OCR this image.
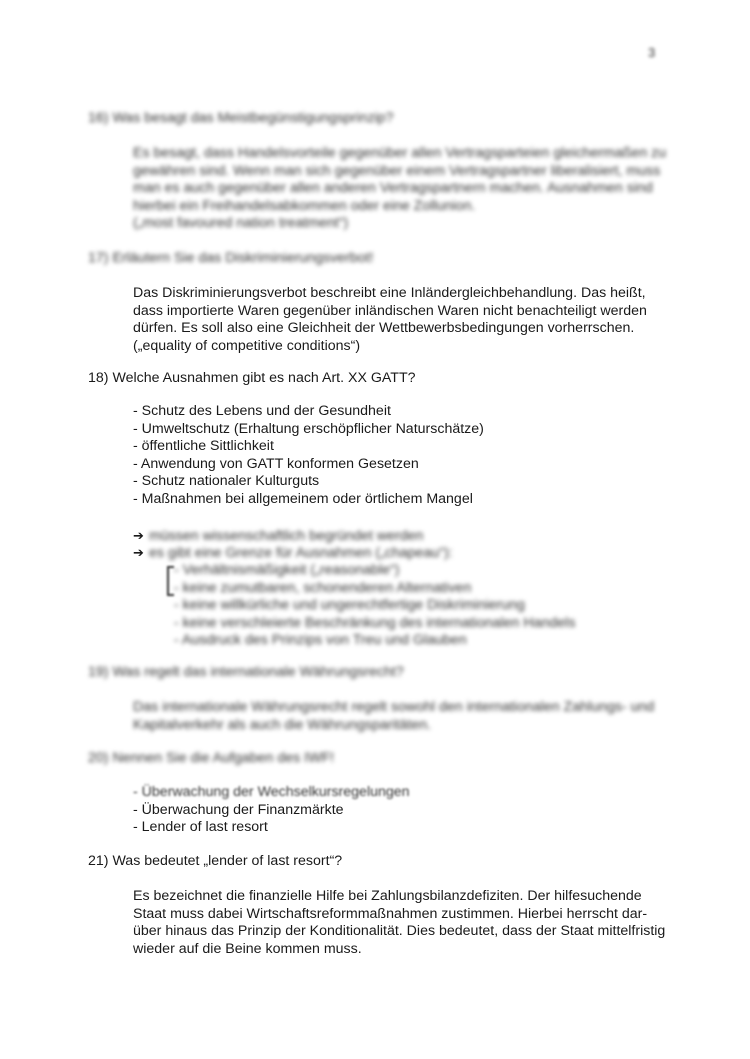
3
16) Was besagt das Meistbegünstigungsprinzip?
Es besagt, dass Handelsvorteile gegenüber allen Vertragsparteien gleichermaßen zu
gewähren sind. Wenn man sich gegenüber einem Vertragspartner liberalisiert, muss
man es auch gegenüber allen anderen Vertragspartnern machen. Ausnahmen sind
hierbei ein Freihandelsabkommen oder eine Zollunion.
(„most favoured nation treatment“)
17) Erläutern Sie das Diskriminierungsverbot!
Das Diskriminierungsverbot beschreibt eine Inländergleichbehandlung. Das heißt,
dass importierte Waren gegenüber inländischen Waren nicht benachteiligt werden
dürfen. Es soll also eine Gleichheit der Wettbewerbsbedingungen vorherrschen.
(„equality of competitive conditions“)
18) Welche Ausnahmen gibt es nach Art. XX GATT?
- Schutz des Lebens und der Gesundheit
- Umweltschutz (Erhaltung erschöpflicher Naturschätze)
- öffentliche Sittlichkeit
- Anwendung von GATT konformen Gesetzen
- Schutz nationaler Kulturguts
- Maßnahmen bei allgemeinem oder örtlichem Mangel
➔ müssen wissenschaftlich begründet werden
➔ es gibt eine Grenze für Ausnahmen („chapeau“):
- Verhältnismäßigkeit („reasonable“)
- keine zumutbaren, schonenderen Alternativen
- keine willkürliche und ungerechtfertige Diskriminierung
- keine verschleierte Beschränkung des internationalen Handels
- Ausdruck des Prinzips von Treu und Glauben
19) Was regelt das internationale Währungsrecht?
Das internationale Währungsrecht regelt sowohl den internationalen Zahlungs- und
Kapitalverkehr als auch die Währungsparitäten.
20) Nennen Sie die Aufgaben des IWF!
- Überwachung der Wechselkursregelungen
- Überwachung der Finanzmärkte
- Lender of last resort
21) Was bedeutet „lender of last resort“?
Es bezeichnet die finanzielle Hilfe bei Zahlungsbilanzdefiziten. Der hilfesuchende
Staat muss dabei Wirtschaftsreformmaßnahmen zustimmen. Hierbei herrscht dar-
über hinaus das Prinzip der Konditionalität. Dies bedeutet, dass der Staat mittelfristig
wieder auf die Beine kommen muss.
